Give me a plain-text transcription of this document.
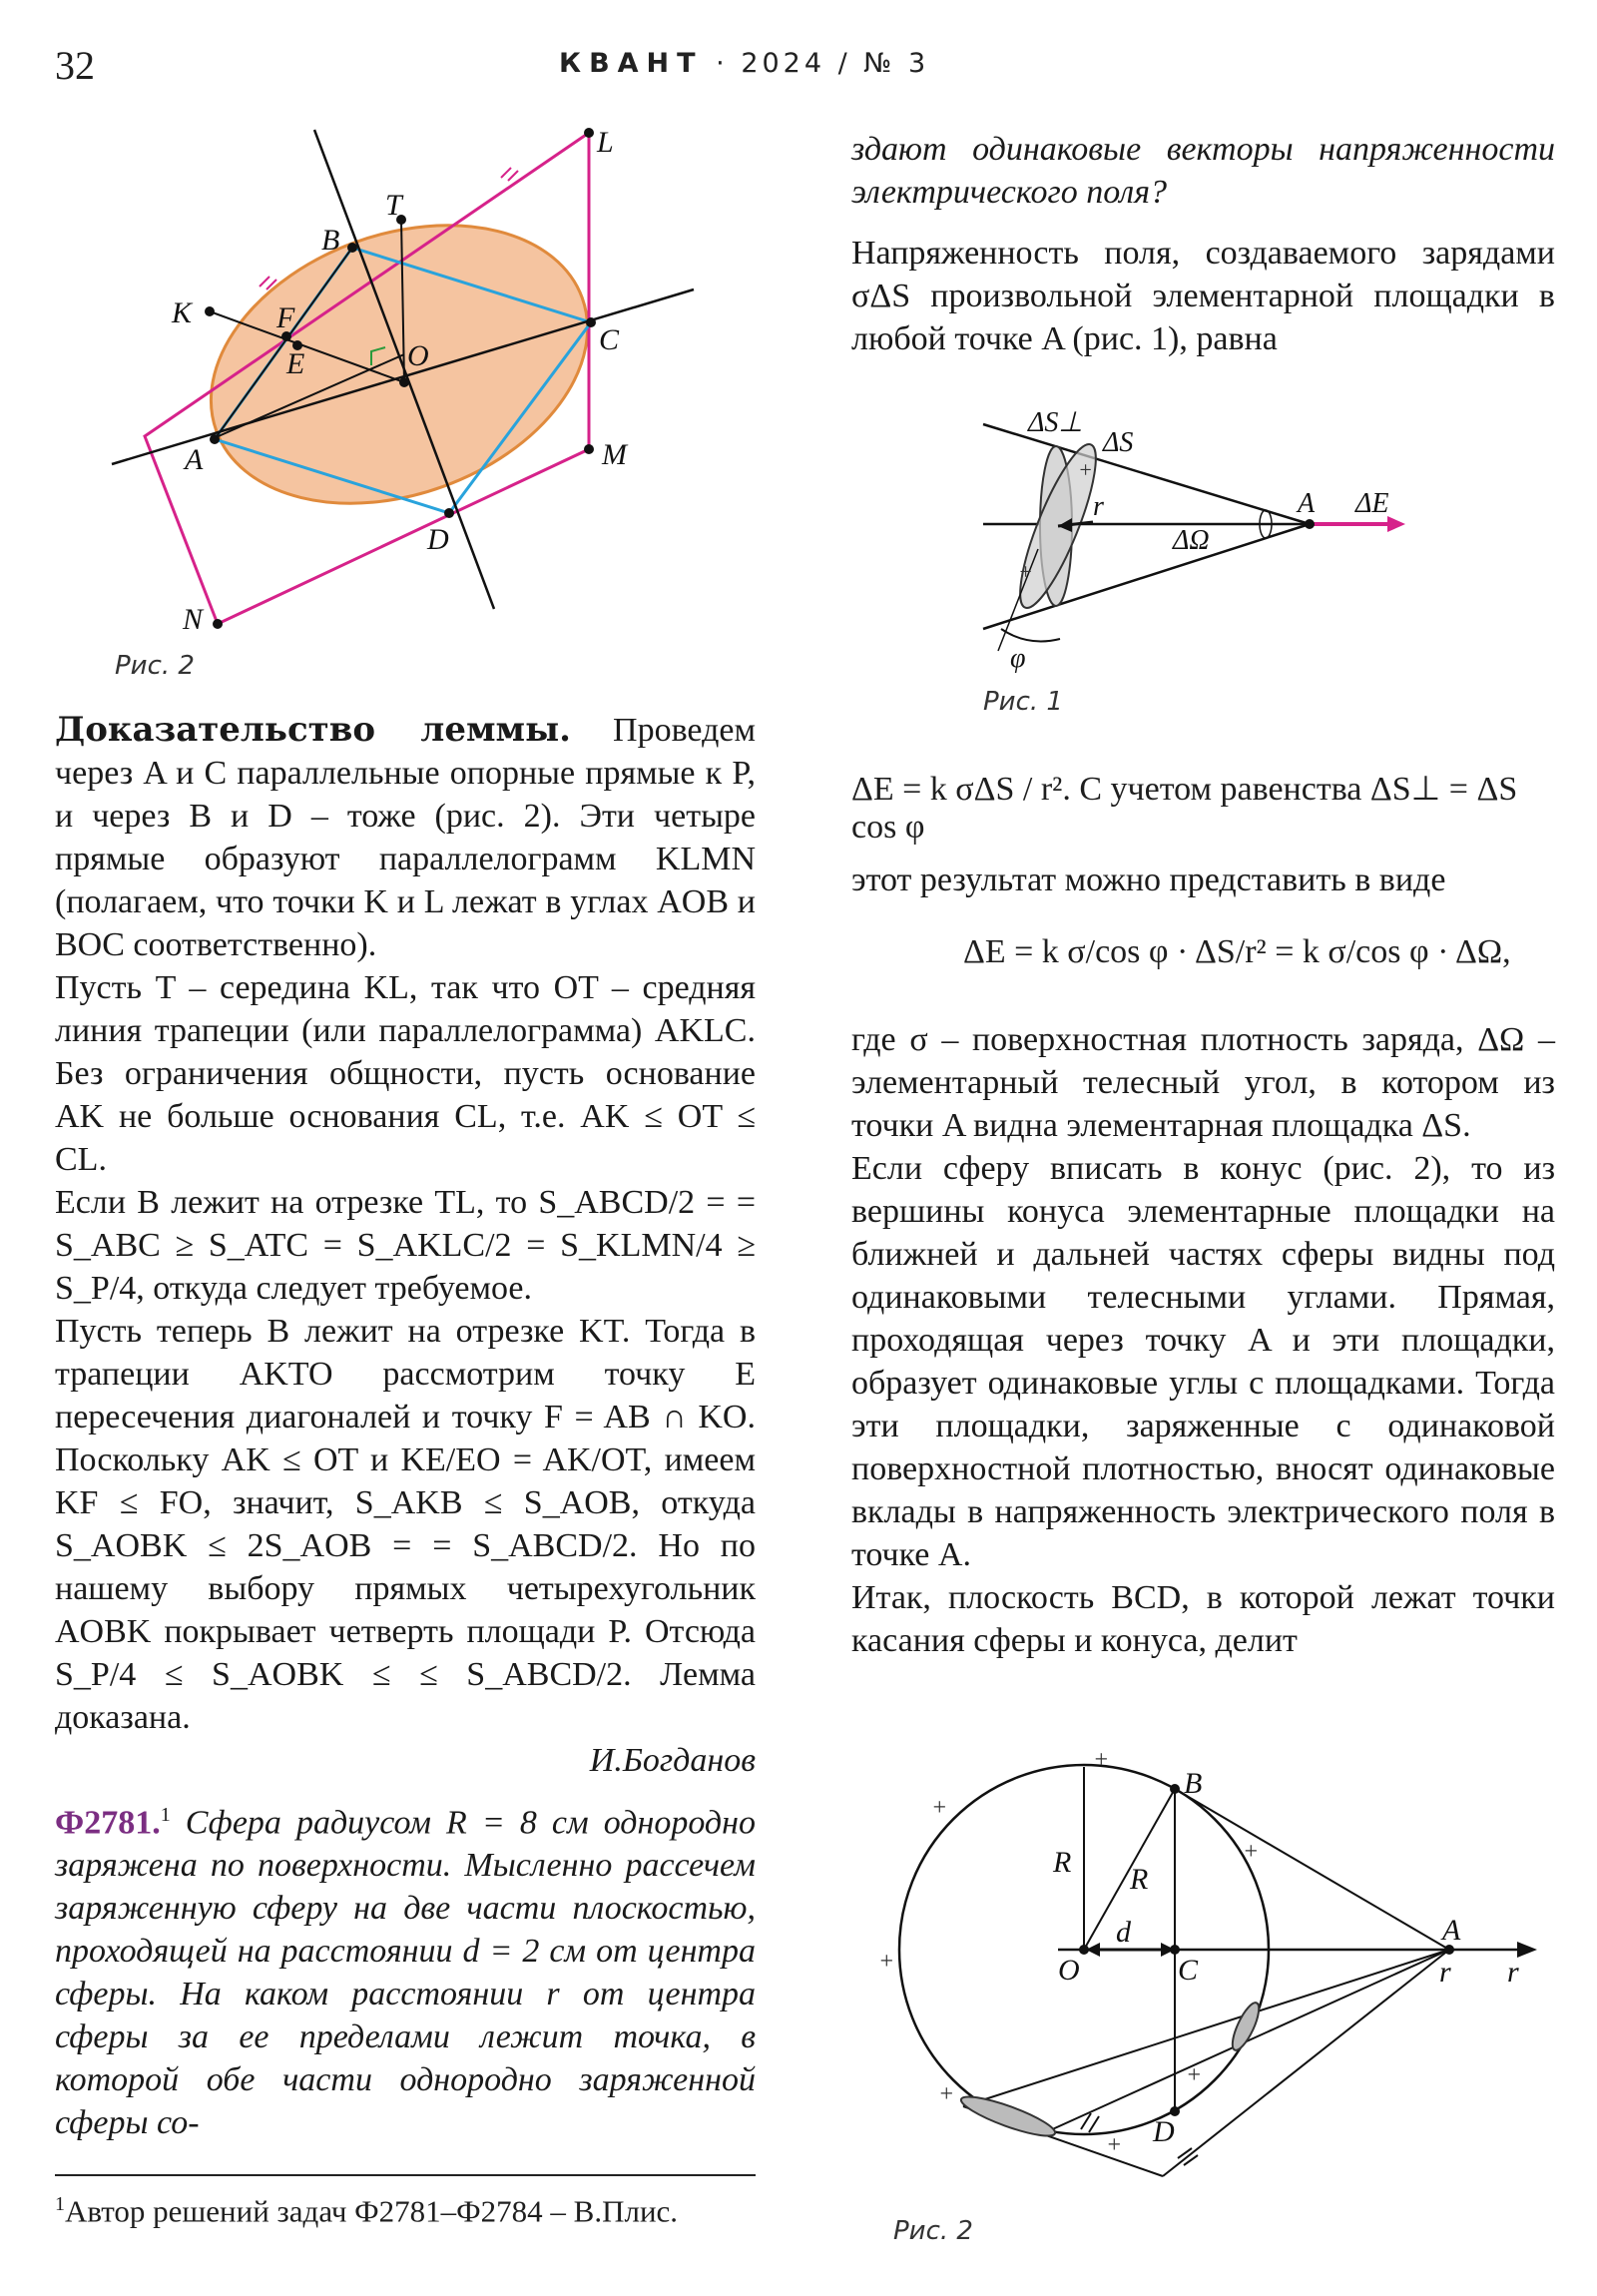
32	КВАНТ · 2024 / № 3
L
T
B
K	F
E	O	C
A	M
D
N
Рис. 2

Доказательство леммы. Проведем через A и C параллельные опорные прямые к P, и через B и D – тоже (рис. 2). Эти четыре прямые образуют параллелограмм KLMN (полагаем, что точки K и L лежат в углах AOB и BOC соответственно).

Пусть T – середина KL, так что OT – средняя линия трапеции (или параллелограмма) AKLC. Без ограничения общности, пусть основание AK не больше основания CL, т.е. AK ≤ OT ≤ CL.

Если B лежит на отрезке TL, то S_ABCD/2 = = S_ABC ≥ S_ATC = S_AKLC/2 = S_KLMN/4 ≥ S_P/4, откуда следует требуемое.

Пусть теперь B лежит на отрезке KT. Тогда в трапеции AKTO рассмотрим точку E пересечения диагоналей и точку F = AB ∩ KO. Поскольку AK ≤ OT и KE/EO = AK/OT, имеем KF ≤ FO, значит, S_AKB ≤ S_AOB, откуда S_AOBK ≤ 2S_AOB = = S_ABCD/2. Но по нашему выбору прямых четырехугольник AOBK покрывает четверть площади P. Отсюда S_P/4 ≤ S_AOBK ≤ ≤ S_ABCD/2. Лемма доказана.

И.Богданов

Ф2781.$^1$ Сфера радиусом R = 8 см однородно заряжена по поверхности. Мысленно рассечем заряженную сферу на две части плоскостью, проходящей на расстоянии d = 2 см от центра сферы. На каком расстоянии r от центра сферы за ее пределами лежит точка, в которой обе части однородно заряженной сферы со-

$^1$Автор решений задач Ф2781–Ф2784 – В.Плис.

здают одинаковые векторы напряженности электрического поля?

Напряженность поля, создаваемого зарядами σΔS произвольной элементарной площадки в любой точке A (рис. 1), равна

ΔS⊥
ΔS
r	A ΔE
ΔΩ
φ
+
+
Рис. 1
ΔE = k σΔS / r². С учетом равенства ΔS⊥ = ΔS cos φ

этот результат можно представить в виде

ΔE = k σ/cos φ · ΔS/r² = k σ/cos φ · ΔΩ,

где σ – поверхностная плотность заряда, ΔΩ – элементарный телесный угол, в котором из точки A видна элементарная площадка ΔS.

Если сферу вписать в конус (рис. 2), то из вершины конуса элементарные площадки на ближней и дальней частях сферы видны под одинаковыми телесными углами. Прямая, проходящая через точку A и эти площадки, образует одинаковые углы с площадками. Тогда эти площадки, заряженные с одинаковой поверхностной плотностью, вносят одинаковые вклады в напряженность электрического поля в точке A.

Итак, плоскость BCD, в которой лежат точки касания сферы и конуса, делит

B
R
R
d
O	C
A
r r
D
+
+
+
+
+
+
+
Рис. 2
